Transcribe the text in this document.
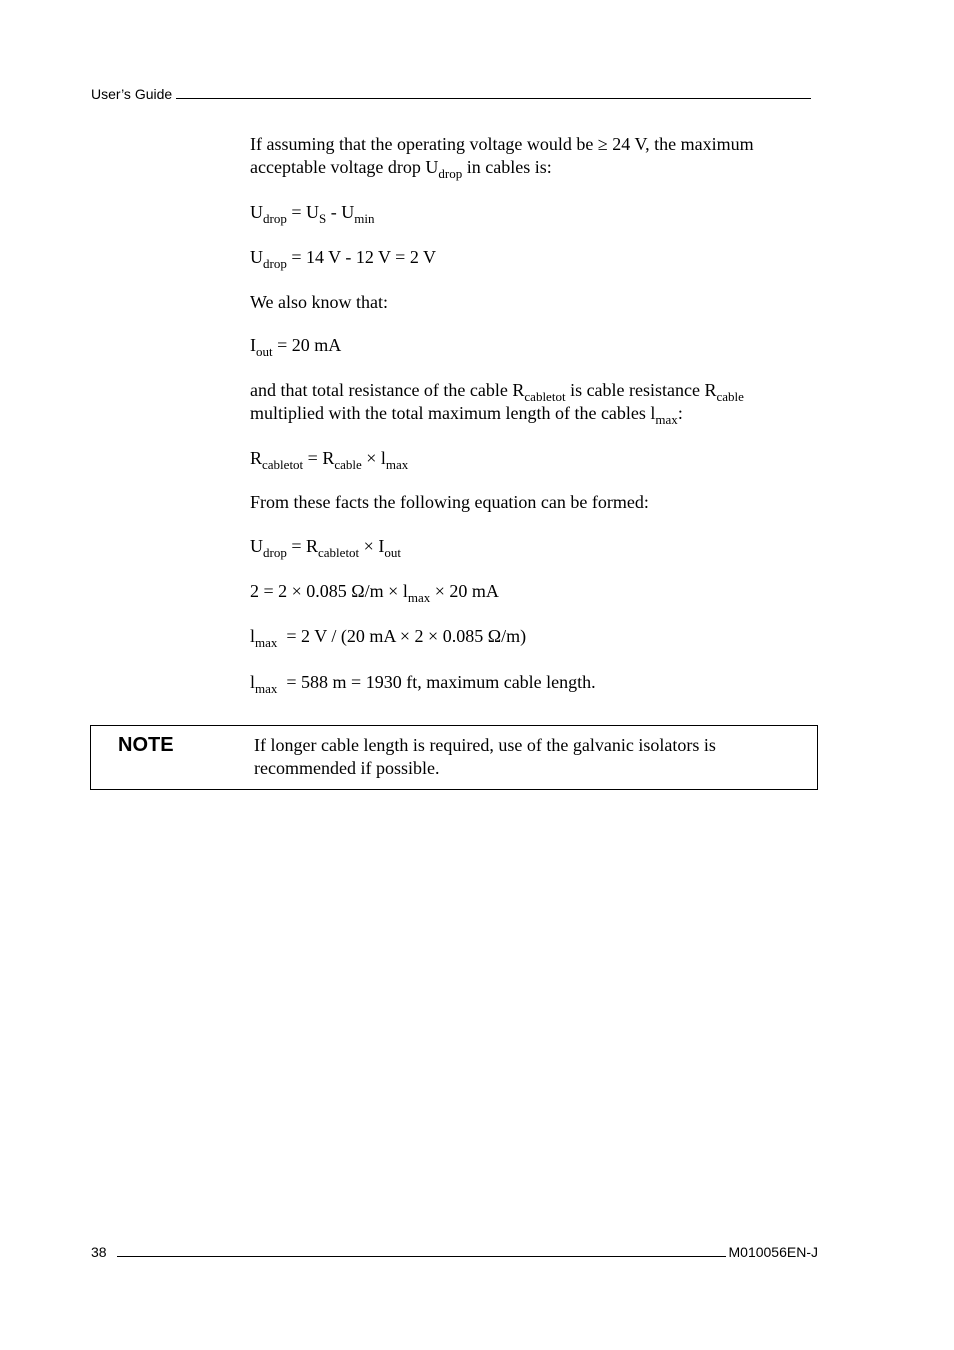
User’s Guide

If assuming that the operating voltage would be ≥ 24 V, the maximum acceptable voltage drop $U_{drop}$ in cables is:

$U_{drop} = U_S - U_{min}$

$U_{drop} = 14$ V - 12 V = 2 V

We also know that:

$I_{out} = 20$ mA

and that total resistance of the cable $R_{cabletot}$ is cable resistance $R_{cable}$
multiplied with the total maximum length of the cables $l_{max}$:

$R_{cabletot} = R_{cable} \times l_{max}$

From these facts the following equation can be formed:

$U_{drop} = R_{cabletot} \times I_{out}$

2 = 2 × 0.085 $\Omega/m \times l_{max} \times 20$ mA

$l_{max} = 2$ V / (20 mA × 2 × 0.085 Ω/m)

$l_{max} = 588$ m = 1930 ft, maximum cable length.

NOTE	If longer cable length is required, use of the galvanic isolators is recommended if possible.
38	M010056EN-J
